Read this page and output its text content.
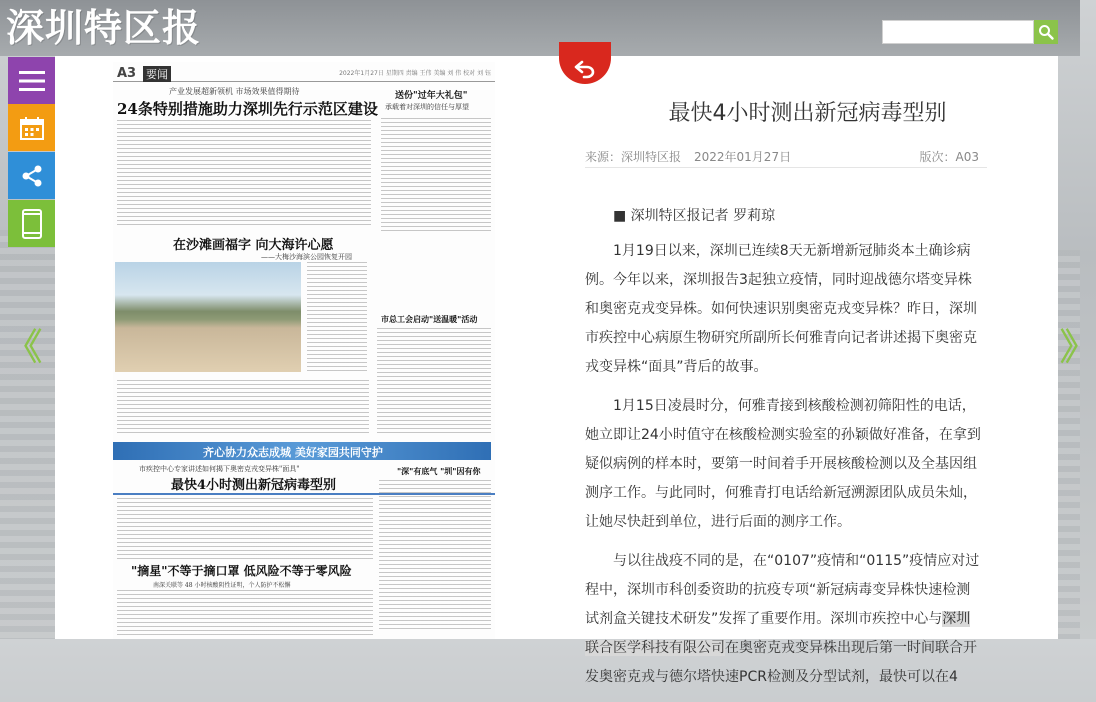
深圳特区报
《	》
A3 要闻	2022年1月27日 星期四 责编 王伟 美编 刘 伟 校对 刘 钰
产业发展超新领机 市场效果值得期待
24条特别措施助力深圳先行示范区建设
送份"过年大礼包"
承载着对深圳的信任与厚望
在沙滩画福字 向大海许心愿
——大梅沙海滨公园恢复开园
市总工会启动"送温暖"活动
齐心协力众志成城 美好家园共同守护
市疾控中心专家讲述如何揭下奥密克戎变异株"面具"
最快4小时测出新冠病毒型别
"深"有底气 "圳"因有你
"摘星"不等于摘口罩 低风险不等于零风险
南深关联等 48 小时核酸阴性证明，个人防护不松懈
最快4小时测出新冠病毒型别
来源：深圳特区报 2022年01月27日	版次：A03

■ 深圳特区报记者 罗莉琼

1月19日以来，深圳已连续8天无新增新冠肺炎本土确诊病例。今年以来，深圳报告3起独立疫情，同时迎战德尔塔变异株和奥密克戎变异株。如何快速识别奥密克戎变异株？昨日，深圳市疾控中心病原生物研究所副所长何雅青向记者讲述揭下奥密克戎变异株“面具”背后的故事。

1月15日凌晨时分，何雅青接到核酸检测初筛阳性的电话，她立即让24小时值守在核酸检测实验室的孙颖做好准备，在拿到疑似病例的样本时，要第一时间着手开展核酸检测以及全基因组测序工作。与此同时，何雅青打电话给新冠溯源团队成员朱灿，让她尽快赶到单位，进行后面的测序工作。

与以往战疫不同的是，在“0107”疫情和“0115”疫情应对过程中，深圳市科创委资助的抗疫专项“新冠病毒变异株快速检测试剂盒关键技术研发”发挥了重要作用。深圳市疾控中心与深圳联合医学科技有限公司在奥密克戎变异株出现后第一时间联合开发奥密克戎与德尔塔快速PCR检测及分型试剂，最快可以在4
